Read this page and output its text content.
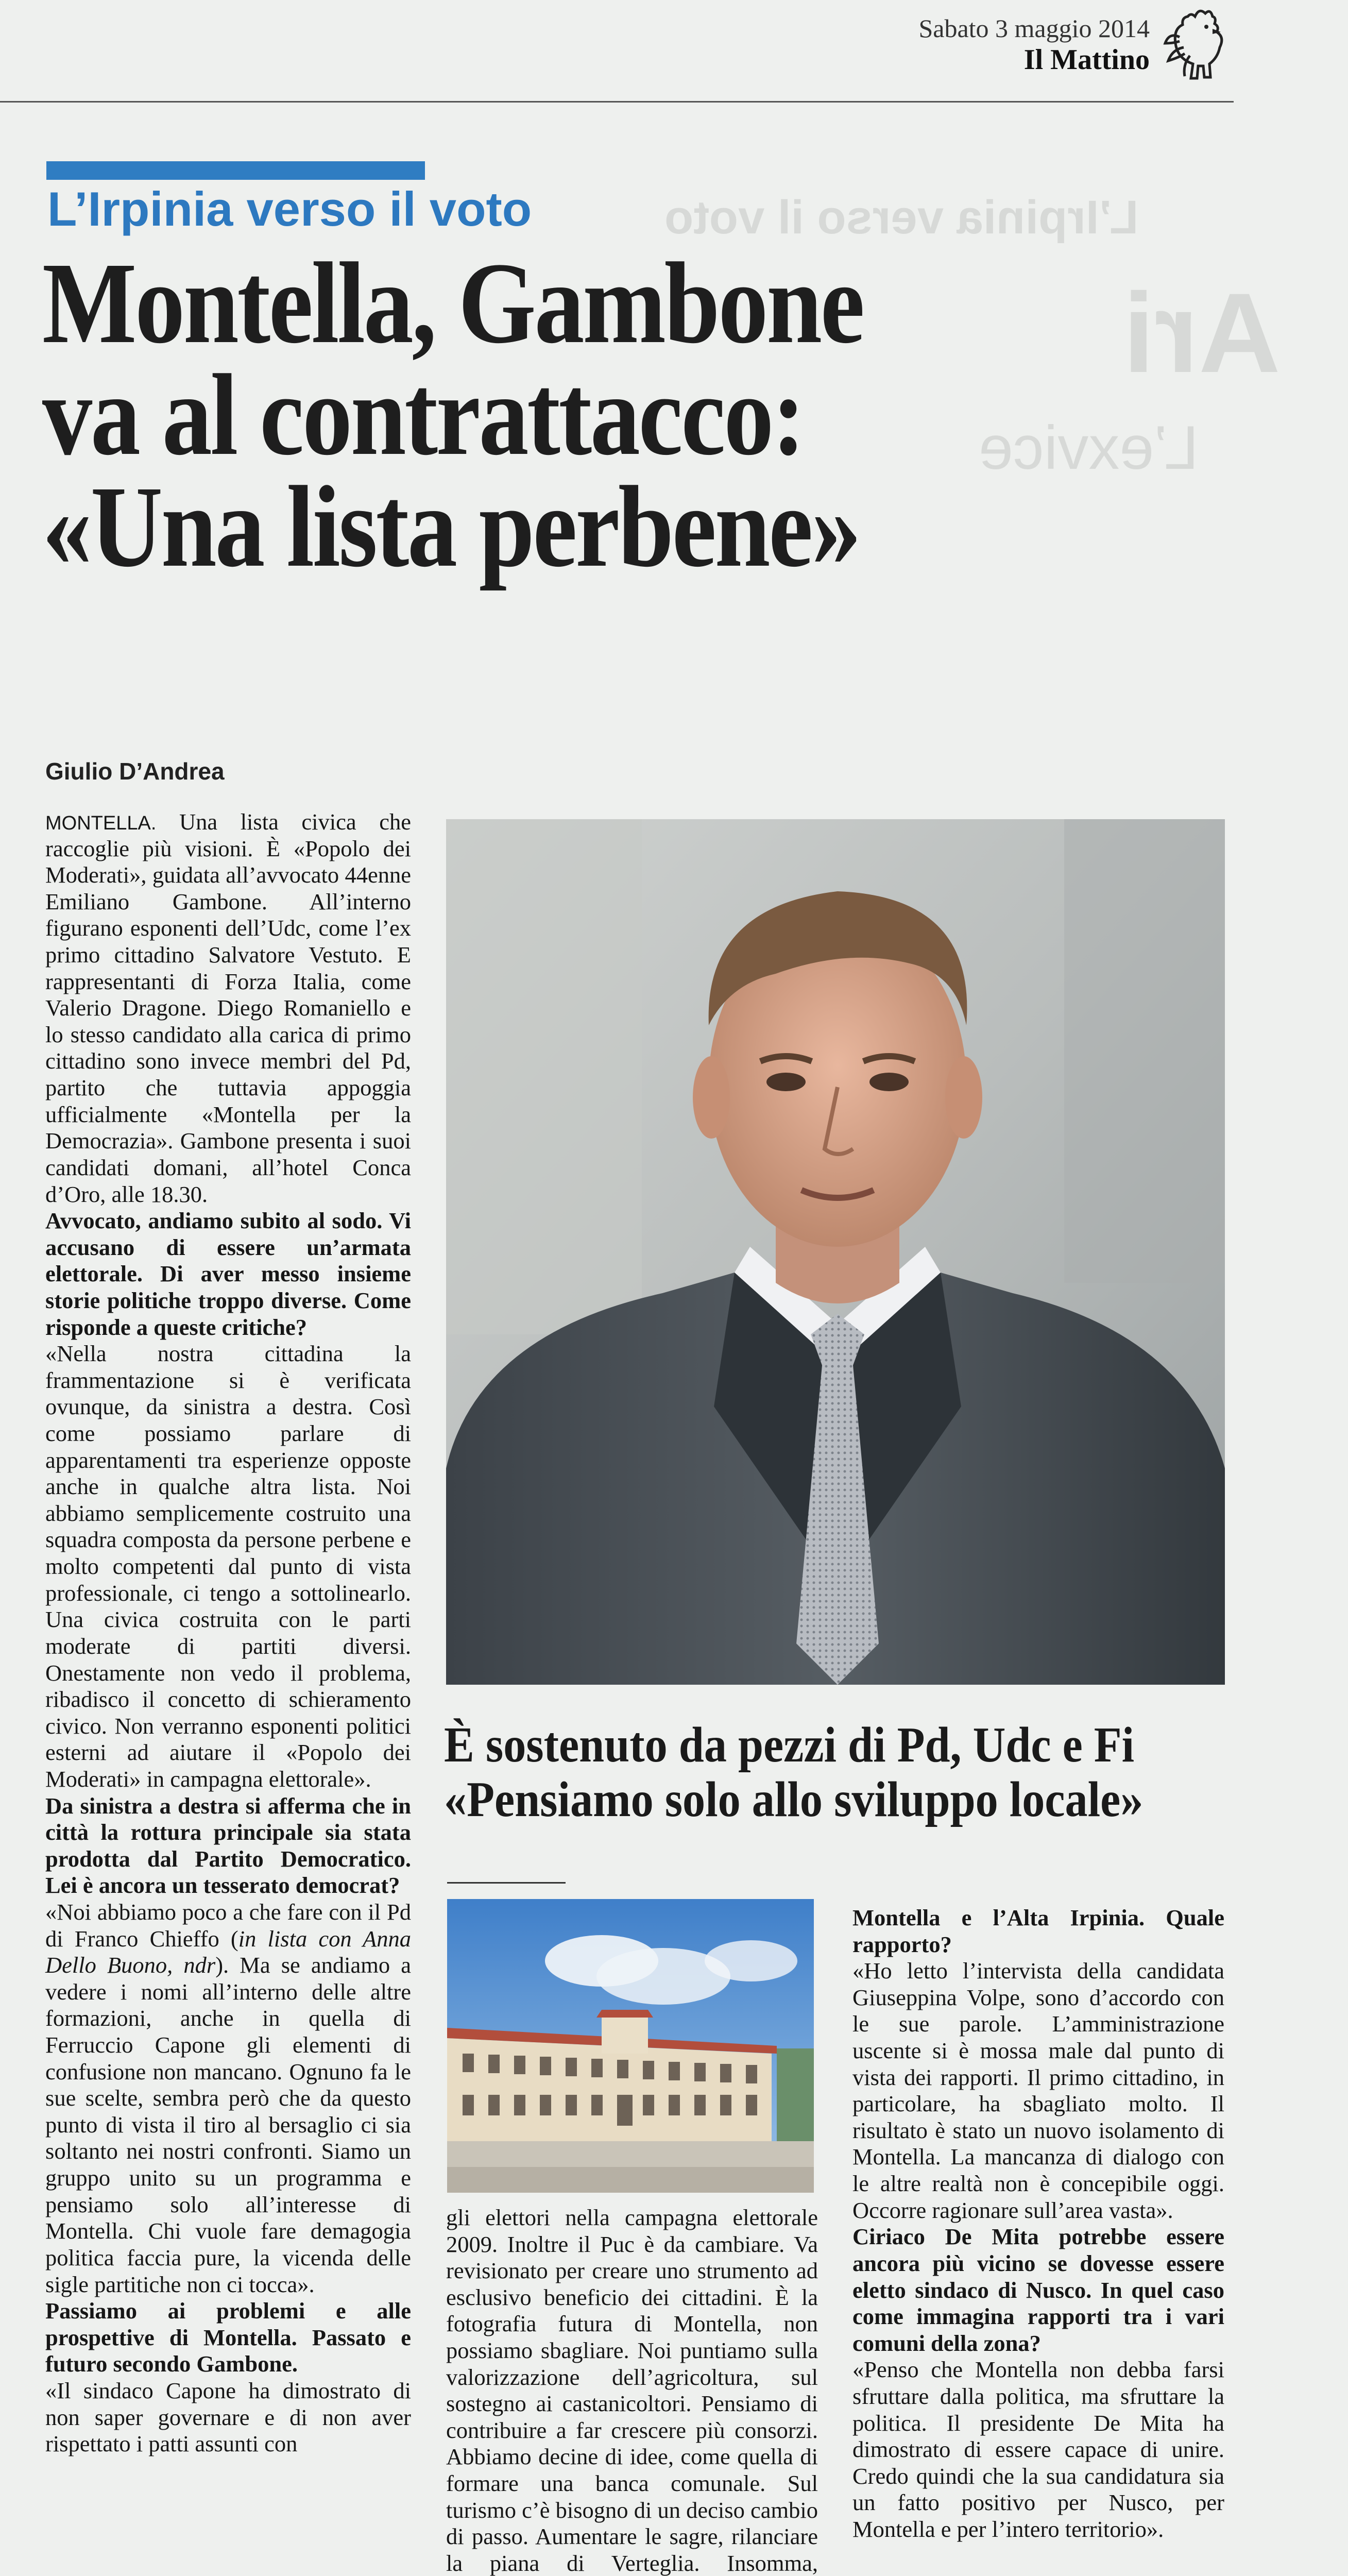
L’Irpinia verso il voto
Ari
L’exvice
Sabato 3 maggio 2014
Il Mattino
L’Irpinia verso il voto
Montella, Gambone
va al contrattacco:
«Una lista perbene»
Giulio D’Andrea

MONTELLA. Una lista civica che raccoglie più visioni. È «Popolo dei Moderati», guidata all’avvocato 44enne Emiliano Gambone. All’interno figurano esponenti dell’Udc, come l’ex primo cittadino Salvatore Vestuto. E rappresentanti di Forza Italia, come Valerio Dragone. Diego Romaniello e lo stesso candidato alla carica di primo cittadino sono invece membri del Pd, partito che tuttavia appoggia ufficialmente «Montella per la Democrazia». Gambone presenta i suoi candidati domani, all’hotel Conca d’Oro, alle 18.30.

Avvocato, andiamo subito al sodo. Vi accusano di essere un’armata elettorale. Di aver messo insieme storie politiche troppo diverse. Come risponde a queste critiche?

«Nella nostra cittadina la frammentazione si è verificata ovunque, da sinistra a destra. Così come possiamo parlare di apparentamenti tra esperienze opposte anche in qualche altra lista. Noi abbiamo semplicemente costruito una squadra composta da persone perbene e molto competenti dal punto di vista professionale, ci tengo a sottolinearlo. Una civica costruita con le parti moderate di partiti diversi. Onestamente non vedo il problema, ribadisco il concetto di schieramento civico. Non verranno esponenti politici esterni ad aiutare il «Popolo dei Moderati» in campagna elettorale».

Da sinistra a destra si afferma che in città la rottura principale sia stata prodotta dal Partito Democratico. Lei è ancora un tesserato democrat?

«Noi abbiamo poco a che fare con il Pd di Franco Chieffo (in lista con Anna Dello Buono, ndr). Ma se andiamo a vedere i nomi all’interno delle altre formazioni, anche in quella di Ferruccio Capone gli elementi di confusione non mancano. Ognuno fa le sue scelte, sembra però che da questo punto di vista il tiro al bersaglio ci sia soltanto nei nostri confronti. Siamo un gruppo unito su un programma e pensiamo solo all’interesse di Montella. Chi vuole fare demagogia politica faccia pure, la vicenda delle sigle partitiche non ci tocca».

Passiamo ai problemi e alle prospettive di Montella. Passato e futuro secondo Gambone.

«Il sindaco Capone ha dimostrato di non saper governare e di non aver rispettato i patti assunti con

È sostenuto da pezzi di Pd, Udc e Fi
«Pensiamo solo allo sviluppo locale»

gli elettori nella campagna elettorale 2009. Inoltre il Puc è da cambiare. Va revisionato per creare uno strumento ad esclusivo beneficio dei cittadini. È la fotografia futura di Montella, non possiamo sbagliare. Noi puntiamo sulla valorizzazione dell’agricoltura, sul sostegno ai castanicoltori. Pensiamo di contribuire a far crescere più consorzi. Abbiamo decine di idee, come quella di formare una banca comunale. Sul turismo c’è bisogno di un deciso cambio di passo. Aumentare le sagre, rilanciare la piana di Verteglia. Insomma,

Montella e l’Alta Irpinia. Quale rapporto?

«Ho letto l’intervista della candidata Giuseppina Volpe, sono d’accordo con le sue parole. L’amministrazione uscente si è mossa male dal punto di vista dei rapporti. Il primo cittadino, in particolare, ha sbagliato molto. Il risultato è stato un nuovo isolamento di Montella. La mancanza di dialogo con le altre realtà non è concepibile oggi. Occorre ragionare sull’area vasta».

Ciriaco De Mita potrebbe essere ancora più vicino se dovesse essere eletto sindaco di Nusco. In quel caso come immagina rapporti tra i vari comuni della zona?

«Penso che Montella non debba farsi sfruttare dalla politica, ma sfruttare la politica. Il presidente De Mita ha dimostrato di essere capace di unire. Credo quindi che la sua candidatura sia un fatto positivo per Nusco, per Montella e per l’intero territorio».
